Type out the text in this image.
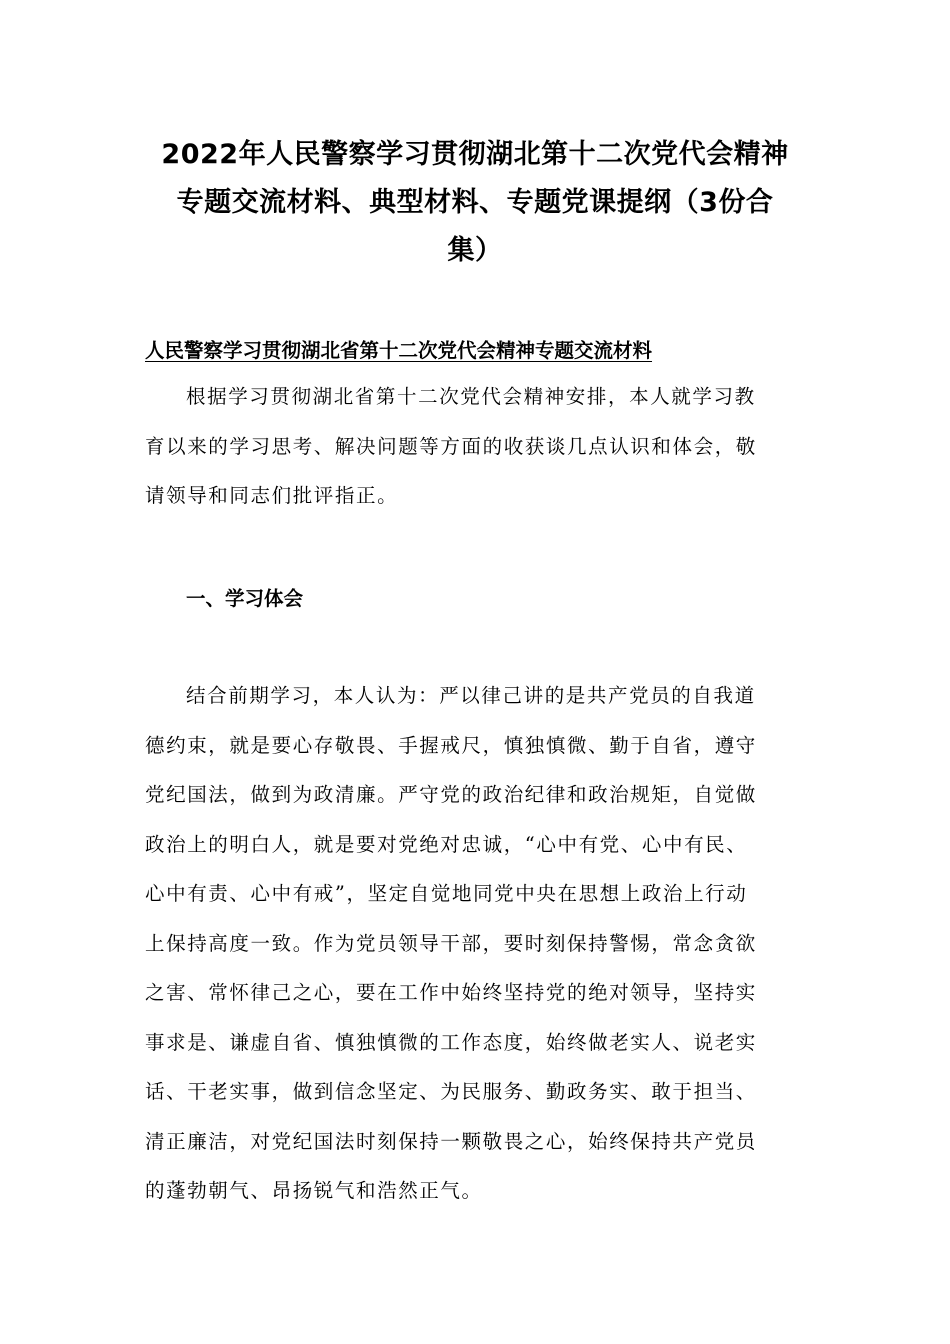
2022年人民警察学习贯彻湖北第十二次党代会精神
专题交流材料、典型材料、专题党课提纲（3份合
集）
人民警察学习贯彻湖北省第十二次党代会精神专题交流材料
根据学习贯彻湖北省第十二次党代会精神安排，本人就学习教
育以来的学习思考、解决问题等方面的收获谈几点认识和体会，敬
请领导和同志们批评指正。
一、学习体会
结合前期学习，本人认为：严以律己讲的是共产党员的自我道
德约束，就是要心存敬畏、手握戒尺，慎独慎微、勤于自省，遵守
党纪国法，做到为政清廉。严守党的政治纪律和政治规矩，自觉做
政治上的明白人，就是要对党绝对忠诚，“心中有党、心中有民、
心中有责、心中有戒”，坚定自觉地同党中央在思想上政治上行动
上保持高度一致。作为党员领导干部，要时刻保持警惕，常念贪欲
之害、常怀律己之心，要在工作中始终坚持党的绝对领导，坚持实
事求是、谦虚自省、慎独慎微的工作态度，始终做老实人、说老实
话、干老实事，做到信念坚定、为民服务、勤政务实、敢于担当、
清正廉洁，对党纪国法时刻保持一颗敬畏之心，始终保持共产党员
的蓬勃朝气、昂扬锐气和浩然正气。
